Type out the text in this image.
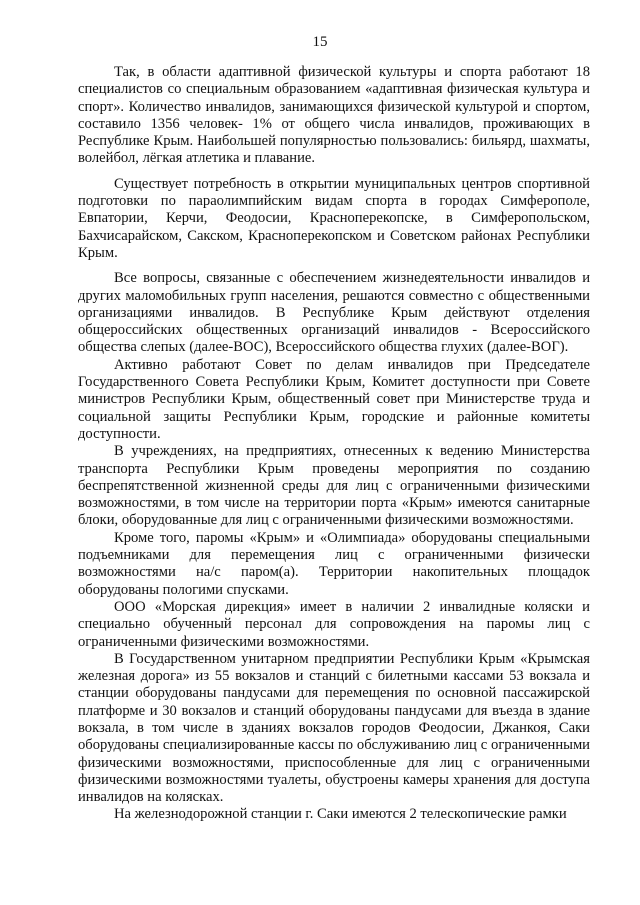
15

Так, в области адаптивной физической культуры и спорта работают 18 специалистов со специальным образованием «адаптивная физическая культура и спорт». Количество инвалидов, занимающихся физической культурой и спортом, составило 1356 человек- 1% от общего числа инвалидов, проживающих в Республике Крым. Наибольшей популярностью пользовались: бильярд, шахматы, волейбол, лёгкая атлетика и плавание.

Существует потребность в открытии муниципальных центров спортивной подготовки по параолимпийским видам спорта в городах Симферополе, Евпатории, Керчи, Феодосии, Красноперекопске, в Симферопольском, Бахчисарайском, Сакском, Красноперекопском и Советском районах Республики Крым.

Все вопросы, связанные с обеспечением жизнедеятельности инвалидов и других маломобильных групп населения, решаются совместно с общественными организациями инвалидов. В Республике Крым действуют отделения общероссийских общественных организаций инвалидов - Всероссийского общества слепых (далее-ВОС), Всероссийского общества глухих (далее-ВОГ).

Активно работают Совет по делам инвалидов при Председателе Государственного Совета Республики Крым, Комитет доступности при Совете министров Республики Крым, общественный совет при Министерстве труда и социальной защиты Республики Крым, городские и районные комитеты доступности.

В учреждениях, на предприятиях, отнесенных к ведению Министерства транспорта Республики Крым проведены мероприятия по созданию беспрепятственной жизненной среды для лиц с ограниченными физическими возможностями, в том числе на территории порта «Крым» имеются санитарные блоки, оборудованные для лиц с ограниченными физическими возможностями.

Кроме того, паромы «Крым» и «Олимпиада» оборудованы специальными подъемниками для перемещения лиц с ограниченными физически возможностями на/с паром(а). Территории накопительных площадок оборудованы пологими спусками.

ООО «Морская дирекция» имеет в наличии 2 инвалидные коляски и специально обученный персонал для сопровождения на паромы лиц с ограниченными физическими возможностями.

В Государственном унитарном предприятии Республики Крым «Крымская железная дорога» из 55 вокзалов и станций с билетными кассами 53 вокзала и станции оборудованы пандусами для перемещения по основной пассажирской платформе и 30 вокзалов и станций оборудованы пандусами для въезда в здание вокзала, в том числе в зданиях вокзалов городов Феодосии, Джанкоя, Саки оборудованы специализированные кассы по обслуживанию лиц с ограниченными физическими возможностями, приспособленные для лиц с ограниченными физическими возможностями туалеты, обустроены камеры хранения для доступа инвалидов на колясках.

На железнодорожной станции г. Саки имеются 2 телескопические рамки
